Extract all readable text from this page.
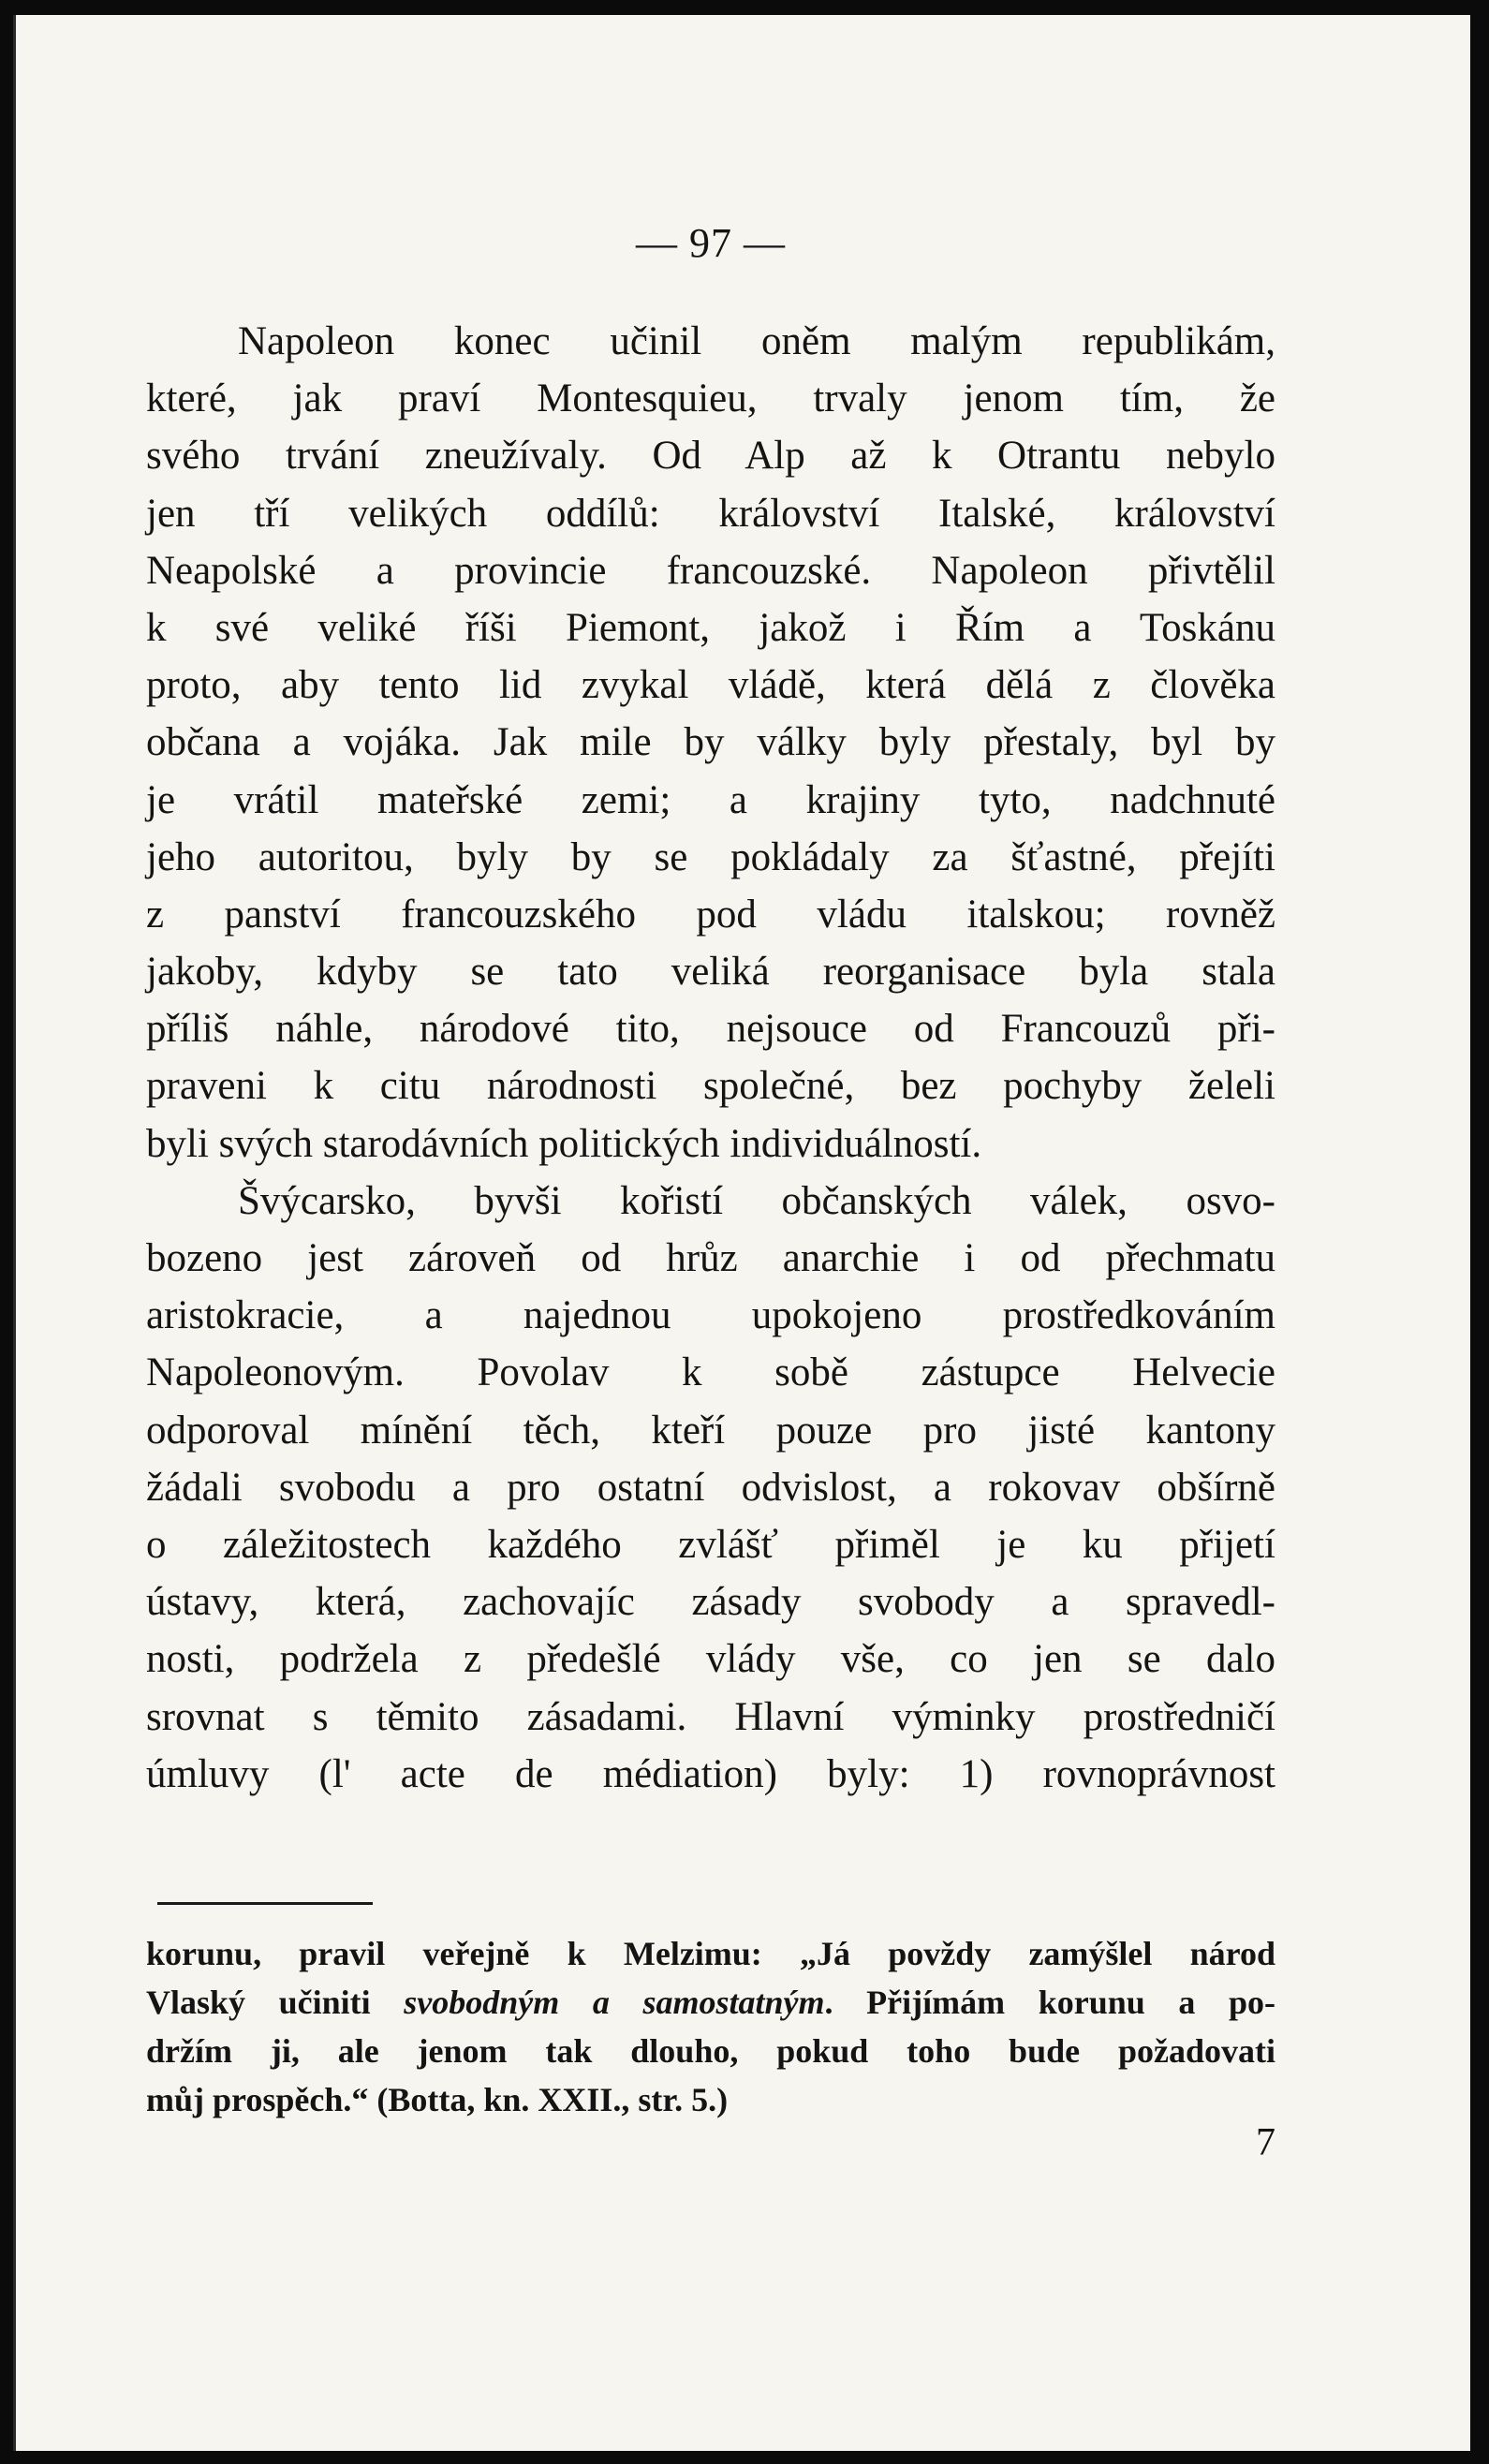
— 97 —
Napoleon konec učinil oněm malým republikám,
které, jak praví Montesquieu, trvaly jenom tím, že
svého trvání zneužívaly. Od Alp až k Otrantu nebylo
jen tří velikých oddílů: království Italské, království
Neapolské a provincie francouzské. Napoleon přivtělil
k své veliké říši Piemont, jakož i Řím a Toskánu
proto, aby tento lid zvykal vládě, která dělá z člověka
občana a vojáka. Jak mile by války byly přestaly, byl by
je vrátil mateřské zemi; a krajiny tyto, nadchnuté
jeho autoritou, byly by se pokládaly za šťastné, přejíti
z panství francouzského pod vládu italskou; rovněž
jakoby, kdyby se tato veliká reorganisace byla stala
příliš náhle, národové tito, nejsouce od Francouzů při-
praveni k citu národnosti společné, bez pochyby želeli
byli svých starodávních politických individuálností.
Švýcarsko, byvši kořistí občanských válek, osvo-
bozeno jest zároveň od hrůz anarchie i od přechmatu
aristokracie, a najednou upokojeno prostředkováním
Napoleonovým. Povolav k sobě zástupce Helvecie
odporoval mínění těch, kteří pouze pro jisté kantony
žádali svobodu a pro ostatní odvislost, a rokovav obšírně
o záležitostech každého zvlášť přiměl je ku přijetí
ústavy, která, zachovajíc zásady svobody a spravedl-
nosti, podržela z předešlé vlády vše, co jen se dalo
srovnat s těmito zásadami. Hlavní výminky prostředničí
úmluvy (l' acte de médiation) byly: 1) rovnoprávnost
korunu, pravil veřejně k Melzimu: „Já povždy zamýšlel národ
Vlaský učiniti svobodným a samostatným. Přijímám korunu a po-
držím ji, ale jenom tak dlouho, pokud toho bude požadovati
můj prospěch.“ (Botta, kn. XXII., str. 5.)
7
